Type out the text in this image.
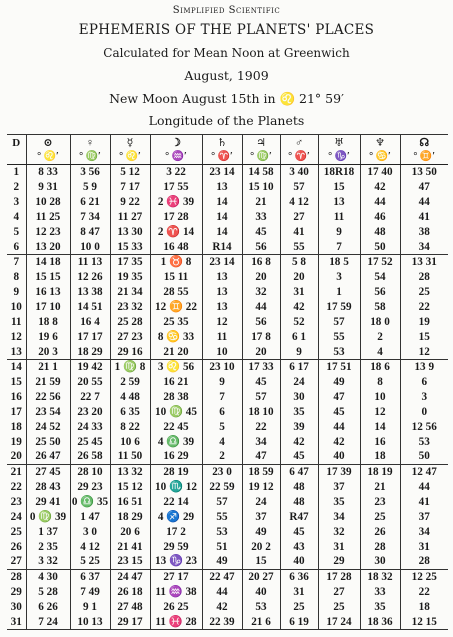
Simplified Scientific
EPHEMERIS OF THE PLANETS' PLACES
Calculated for Mean Noon at Greenwich
August, 1909
New Moon August 15th in ♌ 21° 59′
Longitude of the Planets
D	⊙	♀	☿	☽	♄	♃	♂	♅	♆	☊
	° ♌′	° ♍′	° ♌′	° ♒′	° ♈′	° ♍′	° ♈′	° ♑′	° ♋′	° ♊′
1	8 33	3 56	5 12	3 22	23 14	14 58	3 40	18R18	17 40	13 50
2	9 31	5 9	7 17	17 55	13	15 10	57	15	42	47
3	10 28	6 21	9 22	2 ♓ 39	14	21	4 12	13	44	44
4	11 25	7 34	11 27	17 28	14	33	27	11	46	41
5	12 23	8 47	13 30	2 ♈ 14	14	45	41	9	48	38
6	13 20	10 0	15 33	16 48	R14	56	55	7	50	34
7	14 18	11 13	17 35	1 ♉ 8	23 14	16 8	5 8	18 5	17 52	13 31
8	15 15	12 26	19 35	15 11	13	20	20	3	54	28
9	16 13	13 38	21 34	28 55	13	32	31	1	56	25
10	17 10	14 51	23 32	12 ♊ 22	13	44	42	17 59	58	22
11	18 8	16 4	25 28	25 35	12	56	52	57	18 0	19
12	19 6	17 17	27 23	8 ♋ 33	11	17 8	6 1	55	2	15
13	20 3	18 29	29 16	21 20	10	20	9	53	4	12
14	21 1	19 42	1 ♍ 8	3 ♌ 56	23 10	17 33	6 17	17 51	18 6	13 9
15	21 59	20 55	2 59	16 21	9	45	24	49	8	6
16	22 56	22 7	4 48	28 38	7	57	30	47	10	3
17	23 54	23 20	6 35	10 ♍ 45	6	18 10	35	45	12	0
18	24 52	24 33	8 22	22 45	5	22	39	44	14	12 56
19	25 50	25 45	10 6	4 ♎ 39	4	34	42	42	16	53
20	26 47	26 58	11 50	16 29	2	47	45	40	18	50
21	27 45	28 10	13 32	28 19	23 0	18 59	6 47	17 39	18 19	12 47
22	28 43	29 23	15 12	10 ♏ 12	22 59	19 12	48	37	21	44
23	29 41	0 ♎ 35	16 51	22 14	57	24	48	35	23	41
24	0 ♍ 39	1 47	18 29	4 ♐ 29	55	37	R47	34	25	37
25	1 37	3 0	20 6	17 2	53	49	45	32	26	34
26	2 35	4 12	21 41	29 59	51	20 2	43	31	28	31
27	3 32	5 25	23 15	13 ♑ 23	49	15	40	29	30	28
28	4 30	6 37	24 47	27 17	22 47	20 27	6 36	17 28	18 32	12 25
29	5 28	7 49	26 18	11 ♒ 38	44	40	31	27	33	22
30	6 26	9 1	27 48	26 25	42	53	25	25	35	18
31	7 24	10 13	29 17	11 ♓ 28	22 39	21 6	6 19	17 24	18 36	12 15
